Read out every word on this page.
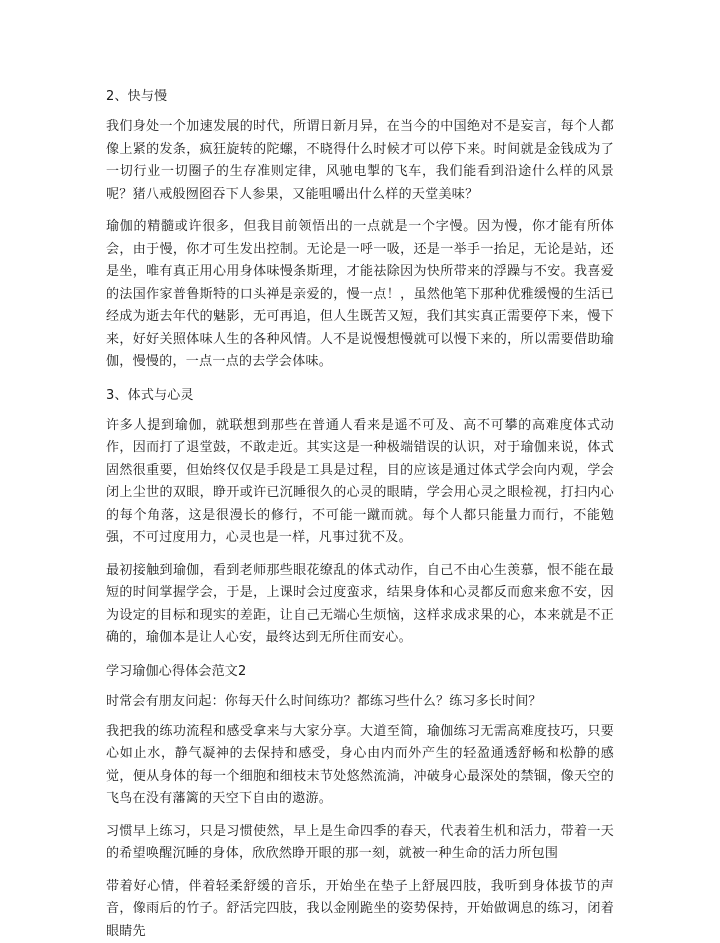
2、快与慢

我们身处一个加速发展的时代，所谓日新月异，在当今的中国绝对不是妄言，每个人都像上紧的发条，疯狂旋转的陀螺，不晓得什么时候才可以停下来。时间就是金钱成为了一切行业一切圈子的生存准则定律，风驰电掣的飞车，我们能看到沿途什么样的风景呢？猪八戒般囫囵吞下人参果，又能咀嚼出什么样的天堂美味？

瑜伽的精髓或许很多，但我目前领悟出的一点就是一个字慢。因为慢，你才能有所体会，由于慢，你才可生发出控制。无论是一呼一吸，还是一举手一抬足，无论是站，还是坐，唯有真正用心用身体味慢条斯理，才能祛除因为快所带来的浮躁与不安。我喜爱的法国作家普鲁斯特的口头禅是亲爱的，慢一点！，虽然他笔下那种优雅缓慢的生活已经成为逝去年代的魅影，无可再追，但人生既苦又短，我们其实真正需要停下来，慢下来，好好关照体味人生的各种风情。人不是说慢想慢就可以慢下来的，所以需要借助瑜伽，慢慢的，一点一点的去学会体味。

3、体式与心灵

许多人提到瑜伽，就联想到那些在普通人看来是遥不可及、高不可攀的高难度体式动作，因而打了退堂鼓，不敢走近。其实这是一种极端错误的认识，对于瑜伽来说，体式固然很重要，但始终仅仅是手段是工具是过程，目的应该是通过体式学会向内观，学会闭上尘世的双眼，睁开或许已沉睡很久的心灵的眼睛，学会用心灵之眼检视，打扫内心的每个角落，这是很漫长的修行，不可能一蹴而就。每个人都只能量力而行，不能勉强，不可过度用力，心灵也是一样，凡事过犹不及。

最初接触到瑜伽，看到老师那些眼花缭乱的体式动作，自己不由心生羡慕，恨不能在最短的时间掌握学会，于是，上课时会过度蛮求，结果身体和心灵都反而愈来愈不安，因为设定的目标和现实的差距，让自己无端心生烦恼，这样求成求果的心，本来就是不正确的，瑜伽本是让人心安，最终达到无所住而安心。

学习瑜伽心得体会范文2

时常会有朋友问起：你每天什么时间练功？都练习些什么？练习多长时间？

我把我的练功流程和感受拿来与大家分享。大道至简，瑜伽练习无需高难度技巧，只要心如止水，静气凝神的去保持和感受，身心由内而外产生的轻盈通透舒畅和松静的感觉，便从身体的每一个细胞和细枝末节处悠然流淌，冲破身心最深处的禁锢，像天空的飞鸟在没有藩篱的天空下自由的遨游。

习惯早上练习，只是习惯使然，早上是生命四季的春天，代表着生机和活力，带着一天的希望唤醒沉睡的身体，欣欣然睁开眼的那一刻，就被一种生命的活力所包围

带着好心情，伴着轻柔舒缓的音乐，开始坐在垫子上舒展四肢，我听到身体拔节的声音，像雨后的竹子。舒活完四肢，我以金刚跪坐的姿势保持，开始做调息的练习，闭着眼睛先
